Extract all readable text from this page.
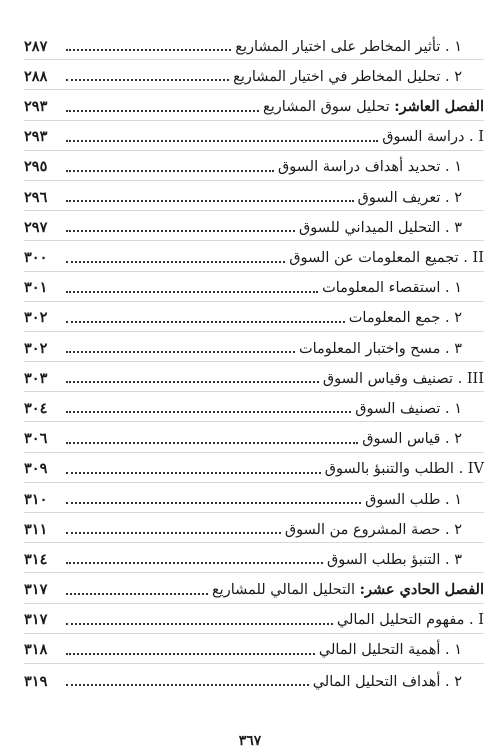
١ . تأثير المخاطر على اختيار المشاريع
٢٨٧
٢ . تحليل المخاطر في اختيار المشاريع
٢٨٨
الفصل العاشر: تحليل سوق المشاريع
٢٩٣
I . دراسة السوق
٢٩٣
١ . تحديد أهداف دراسة السوق
٢٩٥
٢ . تعريف السوق
٢٩٦
٣ . التحليل الميداني للسوق
٢٩٧
II . تجميع المعلومات عن السوق
٣٠٠
١ . استقصاء المعلومات
٣٠١
٢ . جمع المعلومات
٣٠٢
٣ . مسح واختبار المعلومات
٣٠٢
III . تصنيف وقياس السوق
٣٠٣
١ . تصنيف السوق
٣٠٤
٢ . قياس السوق
٣٠٦
IV . الطلب والتنبؤ بالسوق
٣٠٩
١ . طلب السوق
٣١٠
٢ . حصة المشروع من السوق
٣١١
٣ . التنبؤ بطلب السوق
٣١٤
الفصل الحادي عشر: التحليل المالي للمشاريع
٣١٧
I . مفهوم التحليل المالي
٣١٧
١ . أهمية التحليل المالي
٣١٨
٢ . أهداف التحليل المالي
٣١٩
٣٦٧
